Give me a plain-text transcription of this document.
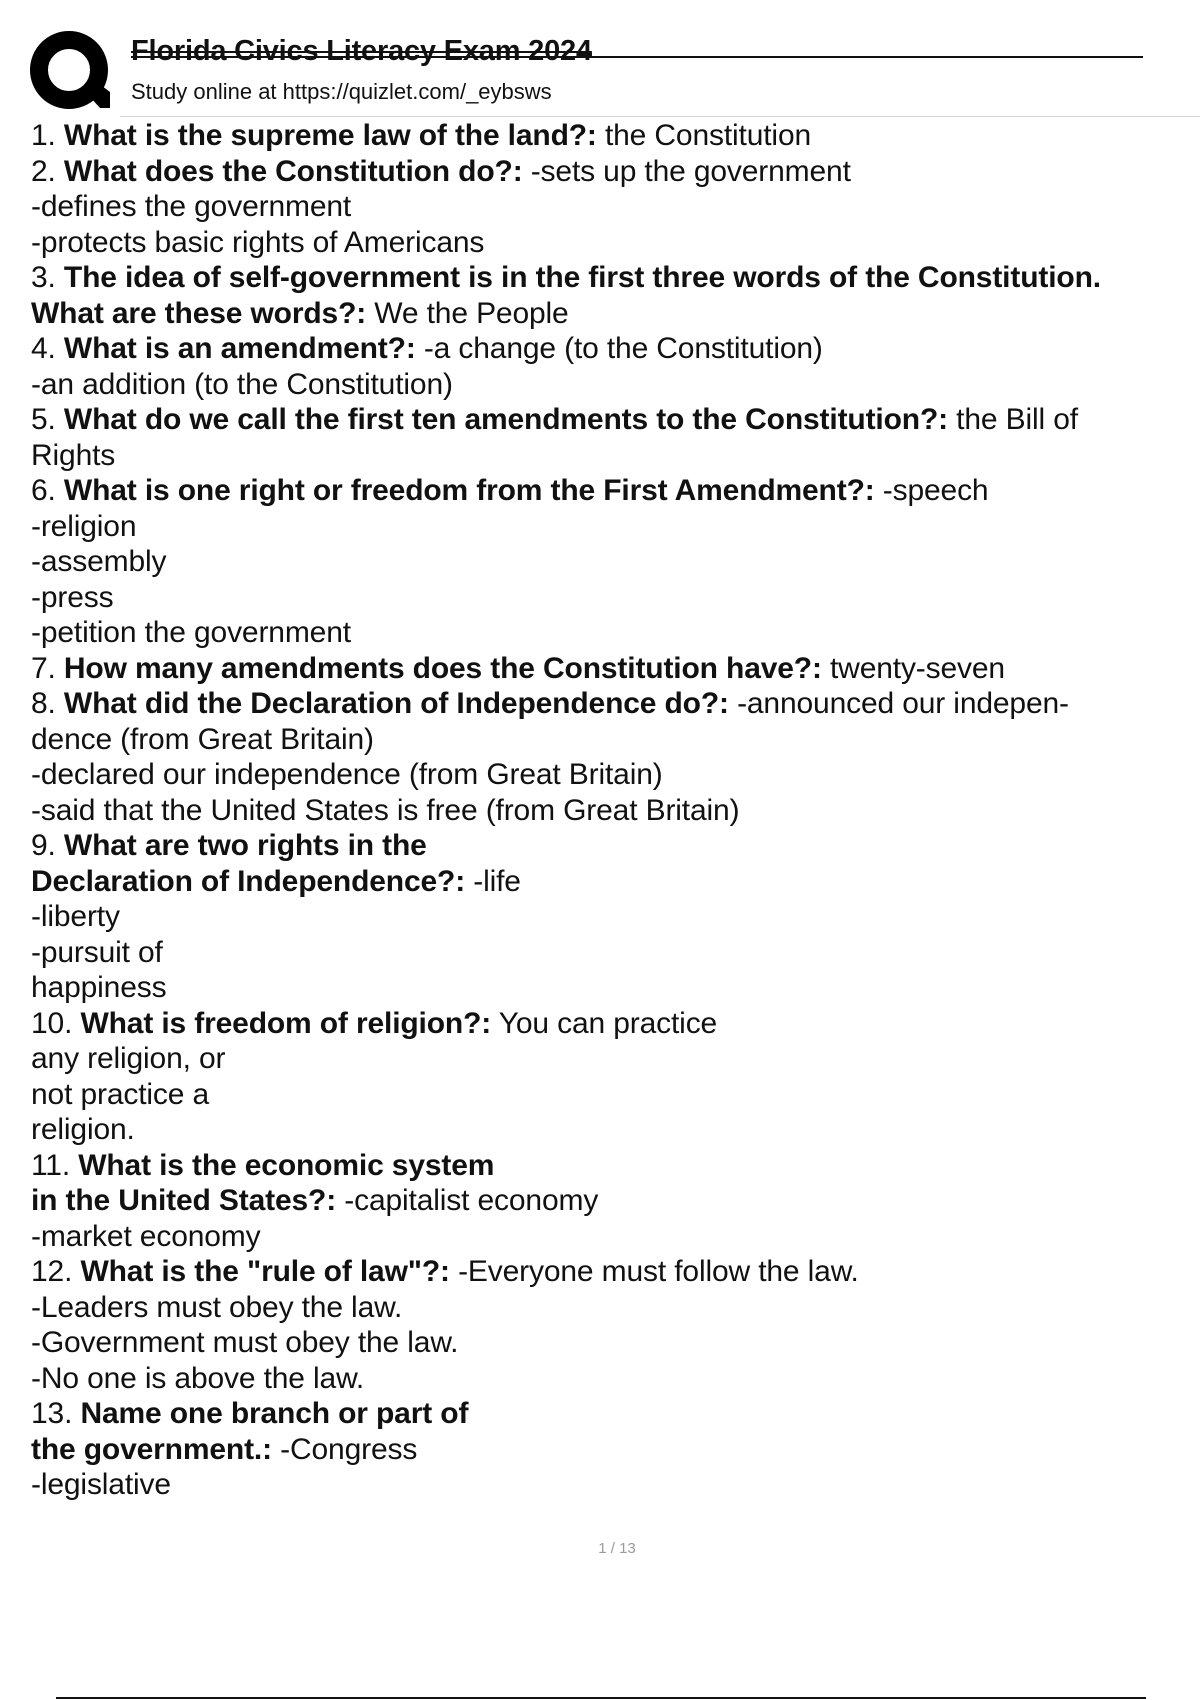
Florida Civics Literacy Exam 2024
Study online at https://quizlet.com/_eybsws
1. What is the supreme law of the land?: the Constitution
2. What does the Constitution do?: -sets up the government
-defines the government
-protects basic rights of Americans
3. The idea of self-government is in the first three words of the Constitution.
What are these words?: We the People
4. What is an amendment?: -a change (to the Constitution)
-an addition (to the Constitution)
5. What do we call the first ten amendments to the Constitution?: the Bill of
Rights
6. What is one right or freedom from the First Amendment?: -speech
-religion
-assembly
-press
-petition the government
7. How many amendments does the Constitution have?: twenty-seven
8. What did the Declaration of Independence do?: -announced our indepen-
dence (from Great Britain)
-declared our independence (from Great Britain)
-said that the United States is free (from Great Britain)
9. What are two rights in the
Declaration of Independence?: -life
-liberty
-pursuit of
happiness
10. What is freedom of religion?: You can practice
any religion, or
not practice a
religion.
11. What is the economic system
in the United States?: -capitalist economy
-market economy
12. What is the "rule of law"?: -Everyone must follow the law.
-Leaders must obey the law.
-Government must obey the law.
-No one is above the law.
13. Name one branch or part of
the government.: -Congress
-legislative
1 / 13
